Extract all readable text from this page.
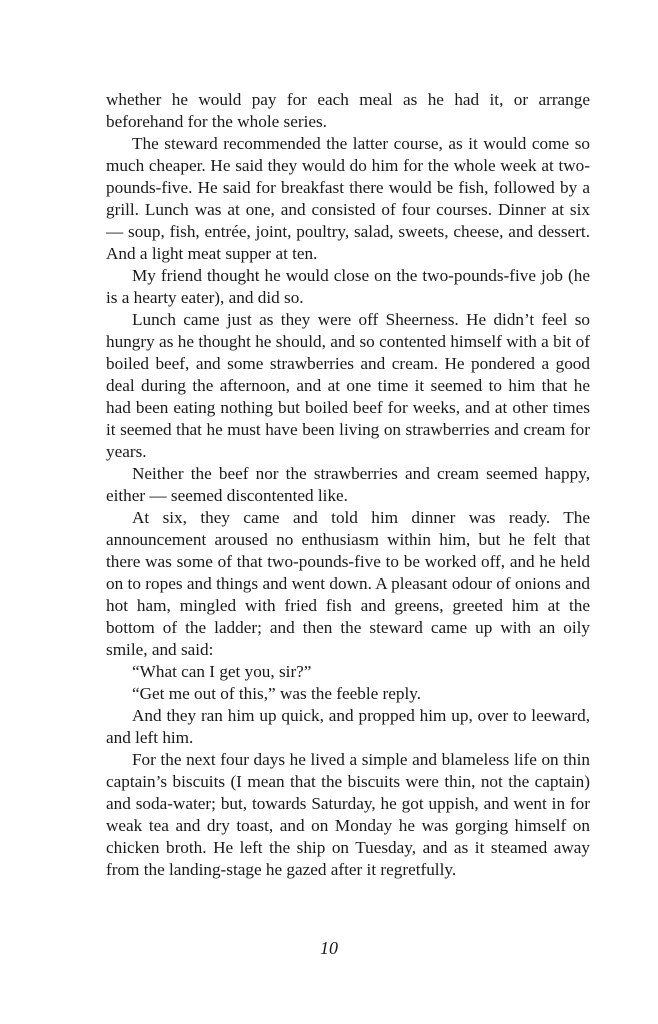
whether he would pay for each meal as he had it, or arrange beforehand for the whole series.

The steward recommended the latter course, as it would come so much cheaper. He said they would do him for the whole week at two-pounds-five. He said for breakfast there would be fish, followed by a grill. Lunch was at one, and consisted of four courses. Dinner at six — soup, fish, entrée, joint, poultry, salad, sweets, cheese, and dessert. And a light meat supper at ten.

My friend thought he would close on the two-pounds-five job (he is a hearty eater), and did so.

Lunch came just as they were off Sheerness. He didn’t feel so hungry as he thought he should, and so contented himself with a bit of boiled beef, and some strawberries and cream. He pondered a good deal during the afternoon, and at one time it seemed to him that he had been eating nothing but boiled beef for weeks, and at other times it seemed that he must have been living on strawberries and cream for years.

Neither the beef nor the strawberries and cream seemed happy, either — seemed discontented like.

At six, they came and told him dinner was ready. The announcement aroused no enthusiasm within him, but he felt that there was some of that two-pounds-five to be worked off, and he held on to ropes and things and went down. A pleasant odour of onions and hot ham, mingled with fried fish and greens, greeted him at the bottom of the ladder; and then the steward came up with an oily smile, and said:

“What can I get you, sir?”

“Get me out of this,” was the feeble reply.

And they ran him up quick, and propped him up, over to leeward, and left him.

For the next four days he lived a simple and blameless life on thin captain’s biscuits (I mean that the biscuits were thin, not the captain) and soda-water; but, towards Saturday, he got uppish, and went in for weak tea and dry toast, and on Monday he was gorging himself on chicken broth. He left the ship on Tuesday, and as it steamed away from the landing-stage he gazed after it regretfully.

10
